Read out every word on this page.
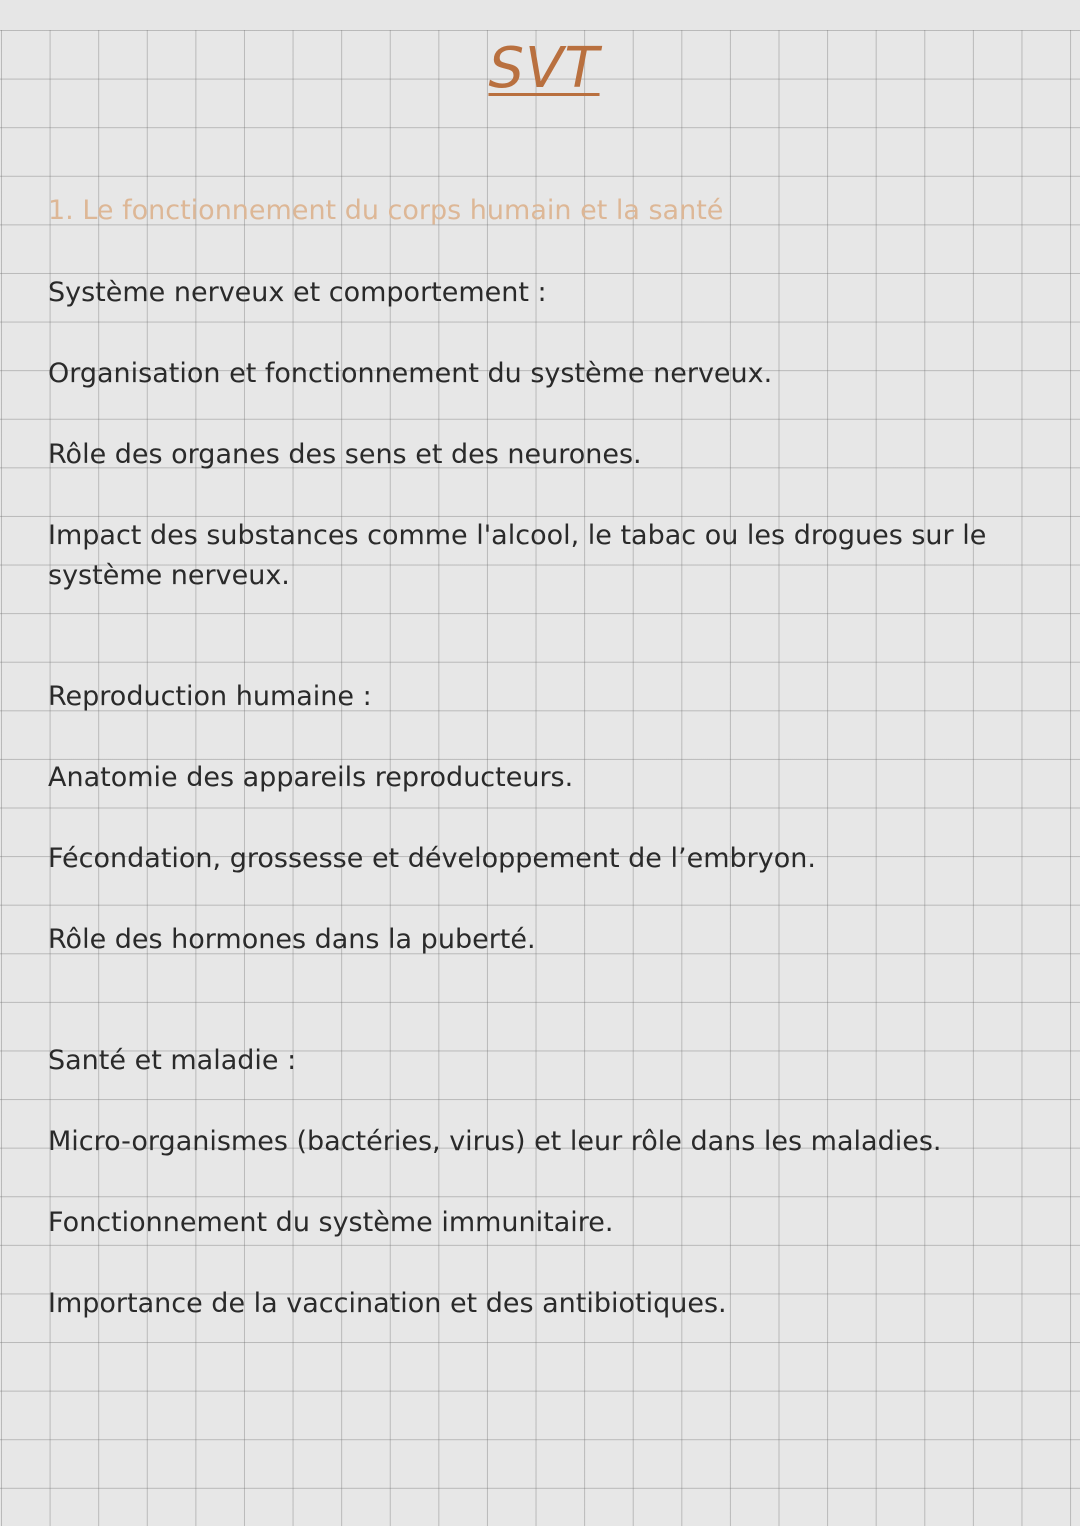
SVT
1. Le fonctionnement du corps humain et la santé
Système nerveux et comportement :
Organisation et fonctionnement du système nerveux.
Rôle des organes des sens et des neurones.
Impact des substances comme l'alcool, le tabac ou les drogues sur le système nerveux.
Reproduction humaine :
Anatomie des appareils reproducteurs.
Fécondation, grossesse et développement de l’embryon.
Rôle des hormones dans la puberté.
Santé et maladie :
Micro-organismes (bactéries, virus) et leur rôle dans les maladies.
Fonctionnement du système immunitaire.
Importance de la vaccination et des antibiotiques.
